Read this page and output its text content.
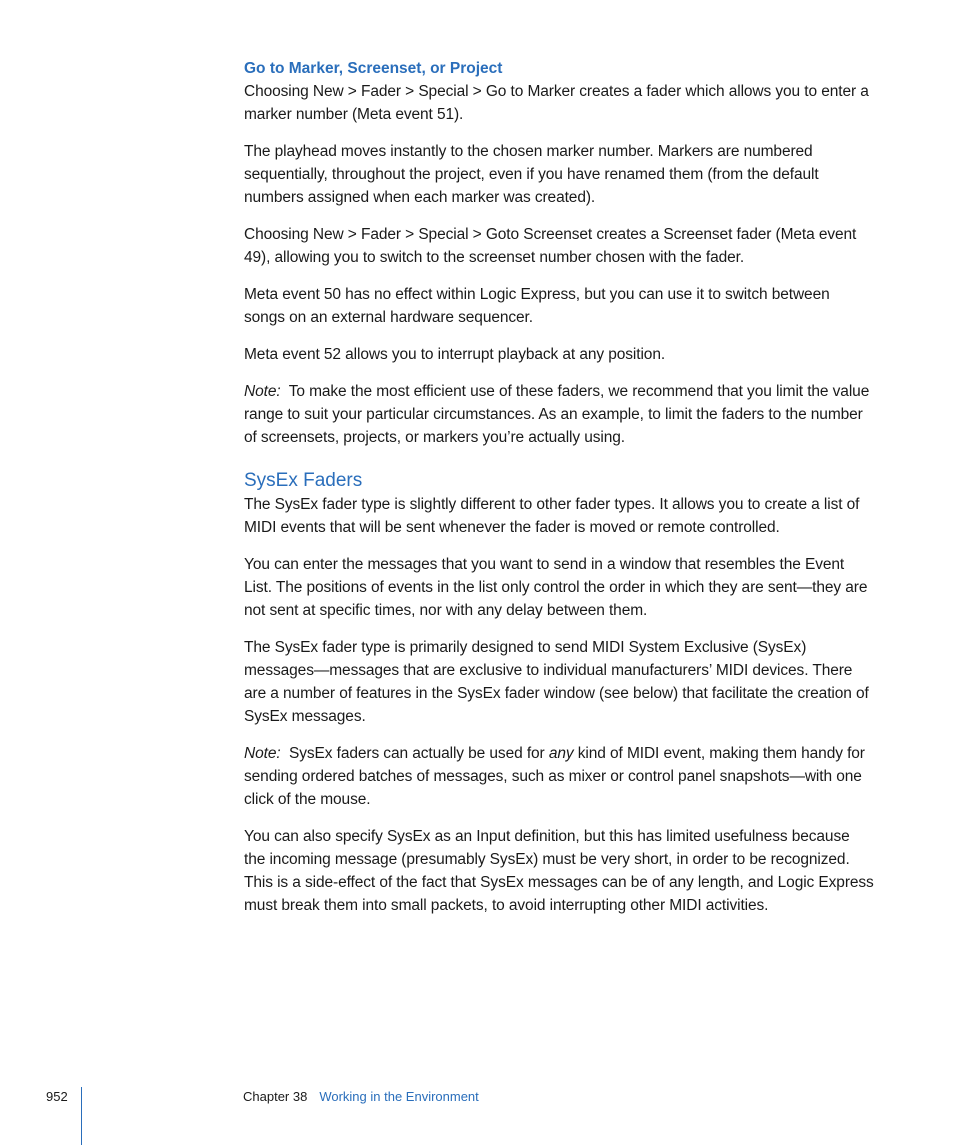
Go to Marker, Screenset, or Project

Choosing New > Fader > Special > Go to Marker creates a fader which allows you to enter a marker number (Meta event 51).

The playhead moves instantly to the chosen marker number. Markers are numbered sequentially, throughout the project, even if you have renamed them (from the default numbers assigned when each marker was created).

Choosing New > Fader > Special > Goto Screenset creates a Screenset fader (Meta event 49), allowing you to switch to the screenset number chosen with the fader.

Meta event 50 has no effect within Logic Express, but you can use it to switch between songs on an external hardware sequencer.

Meta event 52 allows you to interrupt playback at any position.

Note: To make the most efficient use of these faders, we recommend that you limit the value range to suit your particular circumstances. As an example, to limit the faders to the number of screensets, projects, or markers you’re actually using.

SysEx Faders

The SysEx fader type is slightly different to other fader types. It allows you to create a list of MIDI events that will be sent whenever the fader is moved or remote controlled.

You can enter the messages that you want to send in a window that resembles the Event List. The positions of events in the list only control the order in which they are sent—they are not sent at specific times, nor with any delay between them.

The SysEx fader type is primarily designed to send MIDI System Exclusive (SysEx) messages—messages that are exclusive to individual manufacturers’ MIDI devices. There are a number of features in the SysEx fader window (see below) that facilitate the creation of SysEx messages.

Note: SysEx faders can actually be used for any kind of MIDI event, making them handy for sending ordered batches of messages, such as mixer or control panel snapshots—with one click of the mouse.

You can also specify SysEx as an Input definition, but this has limited usefulness because the incoming message (presumably SysEx) must be very short, in order to be recognized. This is a side-effect of the fact that SysEx messages can be of any length, and Logic Express must break them into small packets, to avoid interrupting other MIDI activities.

952	Chapter 38 Working in the Environment
